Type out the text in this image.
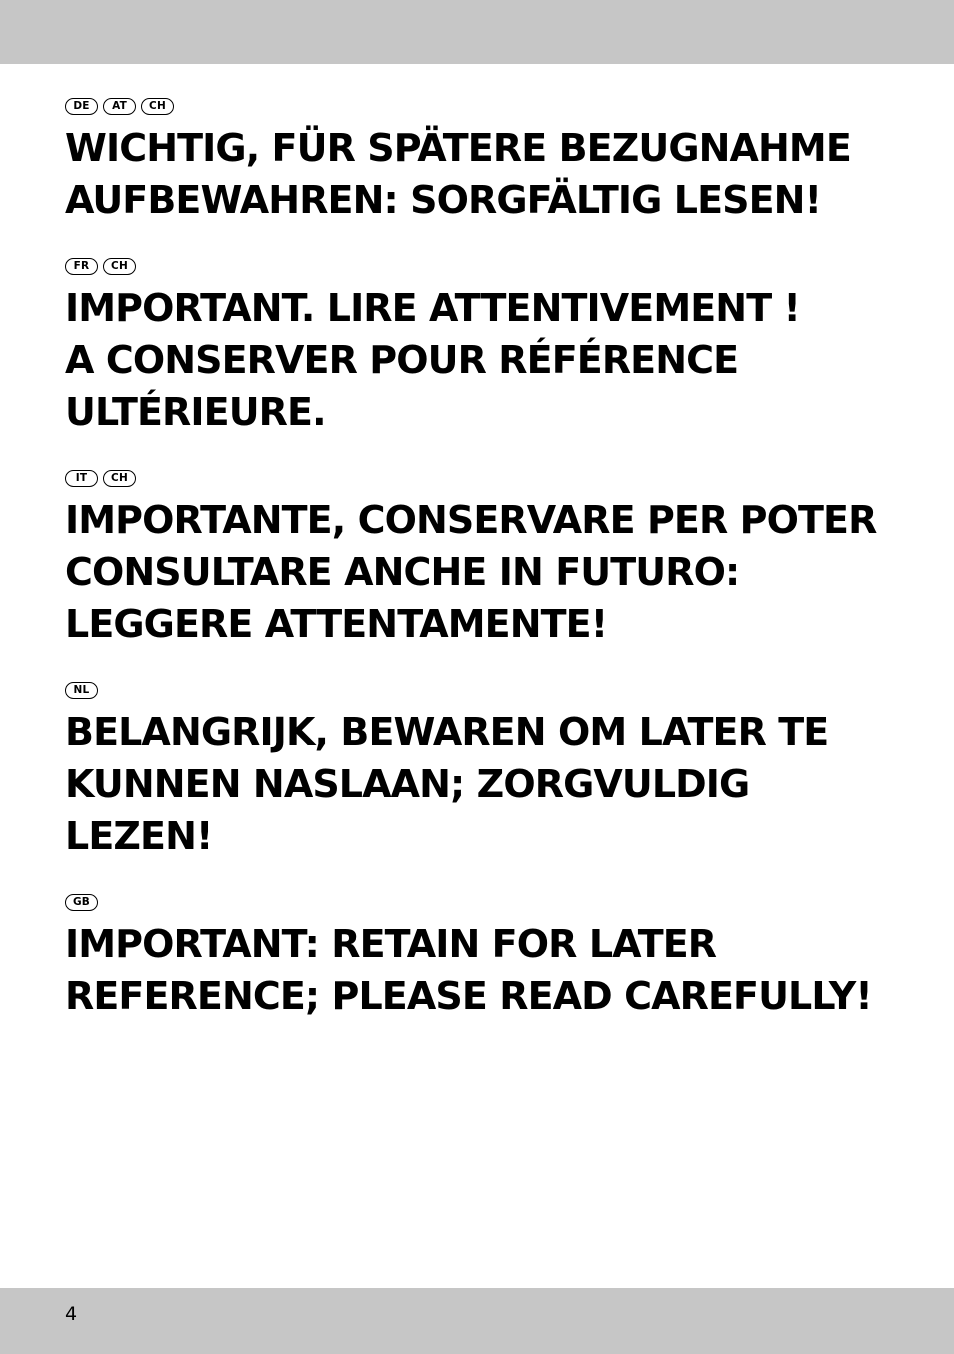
DE	AT	CH
WICHTIG, FÜR SPÄTERE BEZUGNAHME
AUFBEWAHREN: SORGFÄLTIG LESEN!
FR	CH
IMPORTANT. LIRE ATTENTIVEMENT !
A CONSERVER POUR RÉFÉRENCE
ULTÉRIEURE.
IT	CH
IMPORTANTE, CONSERVARE PER POTER
CONSULTARE ANCHE IN FUTURO:
LEGGERE ATTENTAMENTE!
NL
BELANGRIJK, BEWAREN OM LATER TE
KUNNEN NASLAAN; ZORGVULDIG
LEZEN!
GB
IMPORTANT: RETAIN FOR LATER
REFERENCE; PLEASE READ CAREFULLY!
4
